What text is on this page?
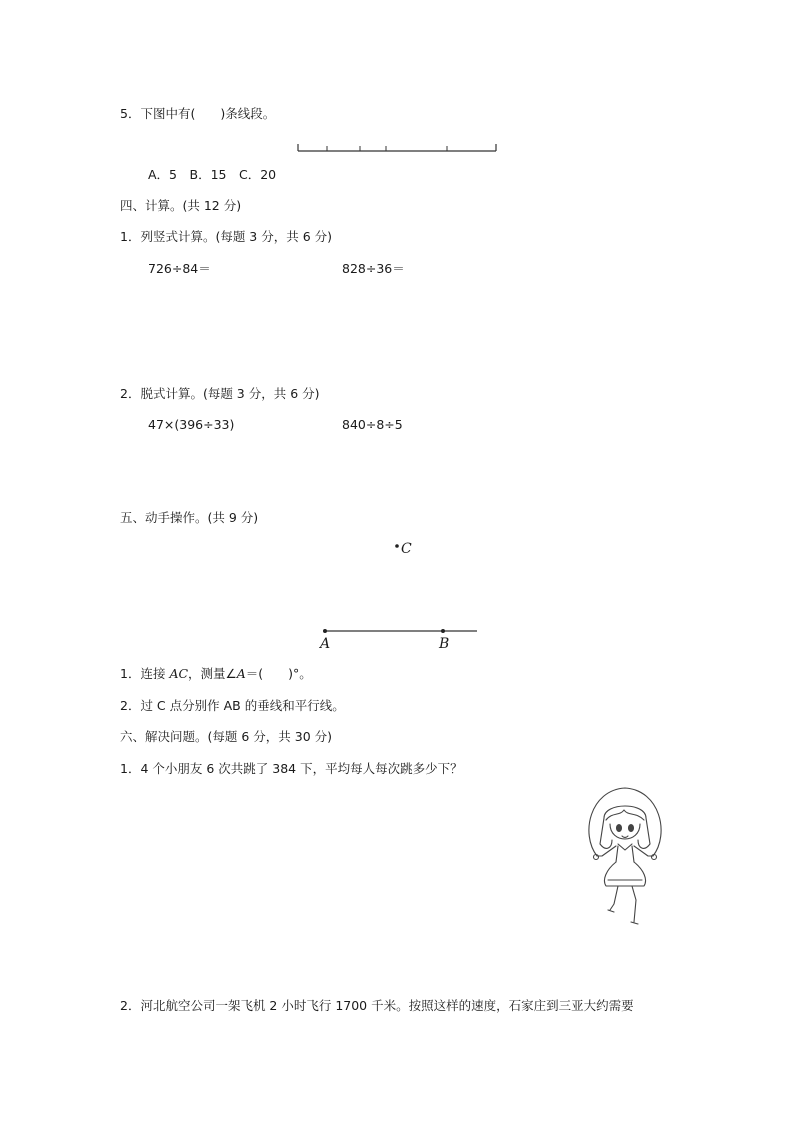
5．下图中有(　　)条线段。
A．5　B．15　C．20
四、计算。(共 12 分)
1．列竖式计算。(每题 3 分，共 6 分)
726÷84＝	828÷36＝
2．脱式计算。(每题 3 分，共 6 分)
47×(396÷33)	840÷8÷5
五、动手操作。(共 9 分)
C
A	B
1．连接 AC，测量∠A＝(　　)°。
2．过 C 点分别作 AB 的垂线和平行线。
六、解决问题。(每题 6 分，共 30 分)
1．4 个小朋友 6 次共跳了 384 下，平均每人每次跳多少下？
2．河北航空公司一架飞机 2 小时飞行 1700 千米。按照这样的速度，石家庄到三亚大约需要
